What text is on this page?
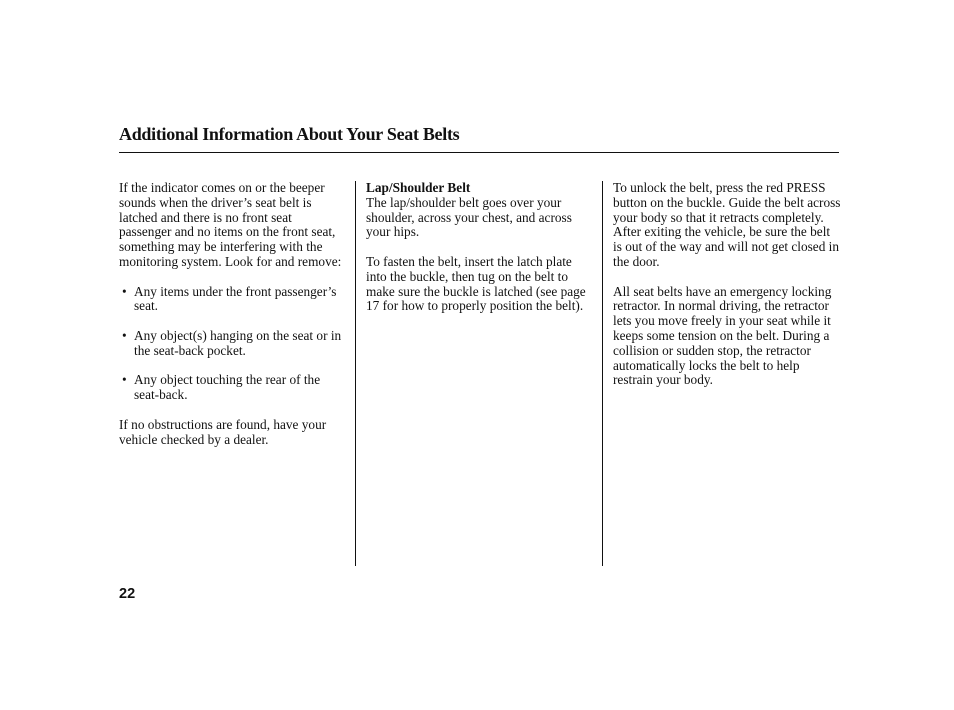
Additional Information About Your Seat Belts

If the indicator comes on or the beeper sounds when the driver’s seat belt is latched and there is no front seat passenger and no items on the front seat, something may be interfering with the monitoring system. Look for and remove:

• Any items under the front passenger’s seat.
• Any object(s) hanging on the seat or in the seat-back pocket.
• Any object touching the rear of the seat-back.

If no obstructions are found, have your vehicle checked by a dealer.

Lap/Shoulder Belt
The lap/shoulder belt goes over your shoulder, across your chest, and across your hips.

To fasten the belt, insert the latch plate into the buckle, then tug on the belt to make sure the buckle is latched (see page 17 for how to properly position the belt).

To unlock the belt, press the red PRESS button on the buckle. Guide the belt across your body so that it retracts completely. After exiting the vehicle, be sure the belt is out of the way and will not get closed in the door.

All seat belts have an emergency locking retractor. In normal driving, the retractor lets you move freely in your seat while it keeps some tension on the belt. During a collision or sudden stop, the retractor automatically locks the belt to help restrain your body.

22
